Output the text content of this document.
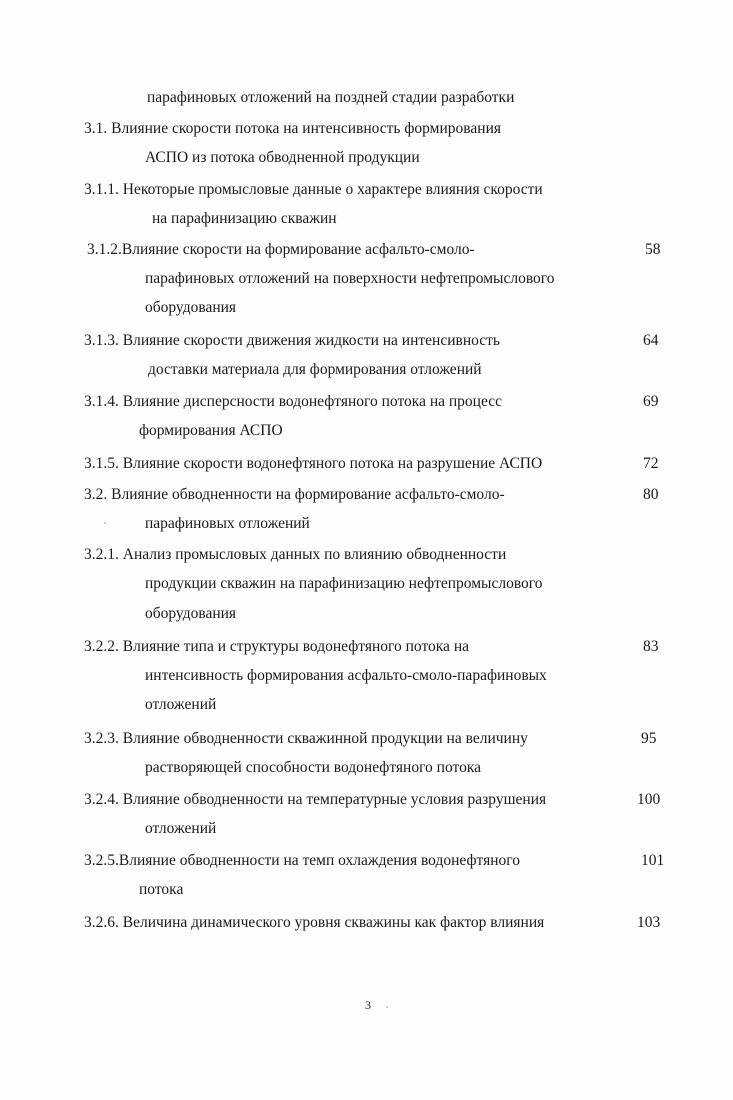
паpафиновых отложений на поздней стадии разработки
3.1. Влияние скорости потока на интенсивность формирования
АСПО из потока обводненной продукции
3.1.1. Некоторые промысловые данные о характере влияния скорости
на парафинизацию скважин
3.1.2.Влияние скорости на формирование асфальто-смоло-	58
парафиновых отложений на поверхности нефтепромыслового
оборудования
3.1.3. Влияние скорости движения жидкости на интенсивность	64
доставки материала для формирования отложений
3.1.4. Влияние дисперсности водонефтяного потока на процесс	69
формирования АСПО
3.1.5. Влияние скорости водонефтяного потока на разрушение АСПО	72
3.2. Влияние обводненности на формирование асфальто-смоло-	80
парафиновых отложений
3.2.1. Анализ промысловых данных по влиянию обводненности
продукции скважин на парафинизацию нефтепромыслового
оборудования
3.2.2. Влияние типа и структуры водонефтяного потока на	83
интенсивность формирования асфальто-смоло-парафиновых
отложений
3.2.3. Влияние обводненности скважинной продукции на величину	95
растворяющей способности водонефтяного потока
3.2.4. Влияние обводненности на температурные условия разрушения	100
отложений
3.2.5.Влияние обводненности на темп охлаждения водонефтяного	101
потока
3.2.6. Величина динамического уровня скважины как фактор влияния	103
3
